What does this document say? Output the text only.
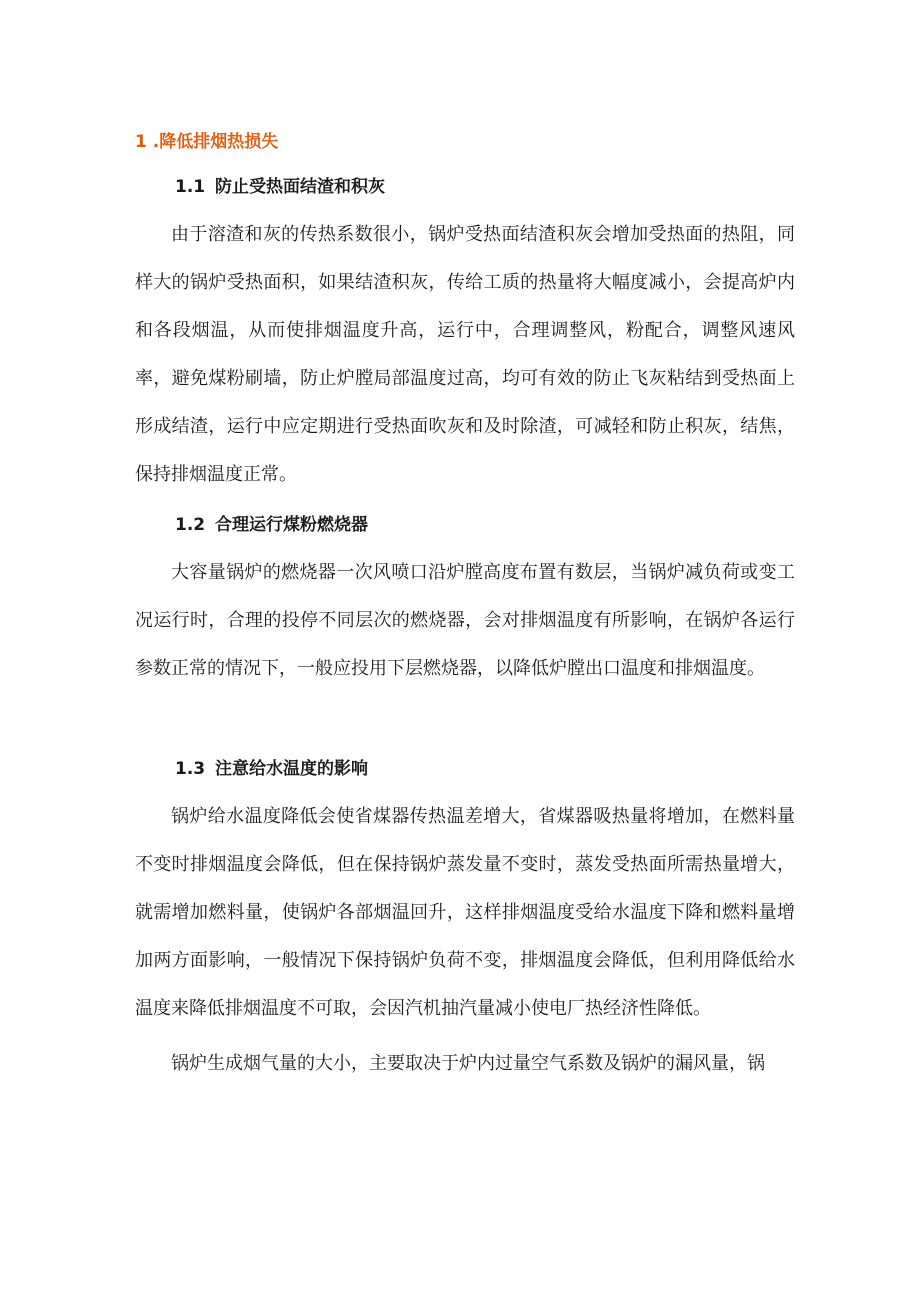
1 .降低排烟热损失
1.1 防止受热面结渣和积灰

由于溶渣和灰的传热系数很小，锅炉受热面结渣积灰会增加受热面的热阻，同样大的锅炉受热面积，如果结渣积灰，传给工质的热量将大幅度减小，会提高炉内和各段烟温，从而使排烟温度升高，运行中，合理调整风，粉配合，调整风速风率，避免煤粉刷墙，防止炉膛局部温度过高，均可有效的防止飞灰粘结到受热面上形成结渣，运行中应定期进行受热面吹灰和及时除渣，可减轻和防止积灰，结焦，保持排烟温度正常。

1.2 合理运行煤粉燃烧器

大容量锅炉的燃烧器一次风喷口沿炉膛高度布置有数层，当锅炉减负荷或变工况运行时，合理的投停不同层次的燃烧器，会对排烟温度有所影响，在锅炉各运行参数正常的情况下，一般应投用下层燃烧器，以降低炉膛出口温度和排烟温度。

1.3 注意给水温度的影响

锅炉给水温度降低会使省煤器传热温差增大，省煤器吸热量将增加，在燃料量不变时排烟温度会降低，但在保持锅炉蒸发量不变时，蒸发受热面所需热量增大，就需增加燃料量，使锅炉各部烟温回升，这样排烟温度受给水温度下降和燃料量增加两方面影响，一般情况下保持锅炉负荷不变，排烟温度会降低，但利用降低给水温度来降低排烟温度不可取，会因汽机抽汽量减小使电厂热经济性降低。

锅炉生成烟气量的大小，主要取决于炉内过量空气系数及锅炉的漏风量，锅
